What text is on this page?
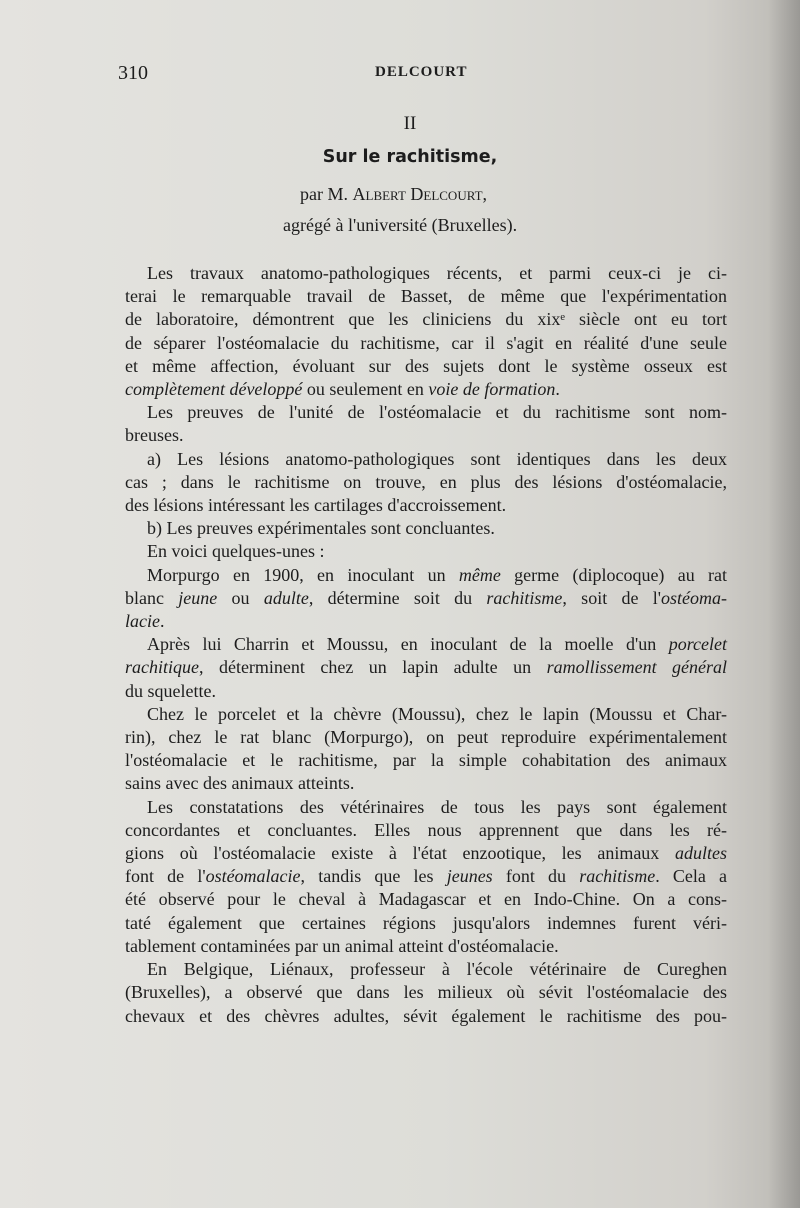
310	DELCOURT
II
Sur le rachitisme,
par M. Albert Delcourt,
agrégé à l'université (Bruxelles).

Les travaux anatomo-pathologiques récents, et parmi ceux-ci je ci-
terai le remarquable travail de Basset, de même que l'expérimentation
de laboratoire, démontrent que les cliniciens du xixᵉ siècle ont eu tort
de séparer l'ostéomalacie du rachitisme, car il s'agit en réalité d'une seule
et même affection, évoluant sur des sujets dont le système osseux est
complètement développé ou seulement en voie de formation.

Les preuves de l'unité de l'ostéomalacie et du rachitisme sont nom-
breuses.

a) Les lésions anatomo-pathologiques sont identiques dans les deux
cas ; dans le rachitisme on trouve, en plus des lésions d'ostéomalacie,
des lésions intéressant les cartilages d'accroissement.

b) Les preuves expérimentales sont concluantes.

En voici quelques-unes :

Morpurgo en 1900, en inoculant un même germe (diplocoque) au rat
blanc jeune ou adulte, détermine soit du rachitisme, soit de l'ostéoma-
lacie.

Après lui Charrin et Moussu, en inoculant de la moelle d'un porcelet
rachitique, déterminent chez un lapin adulte un ramollissement général
du squelette.

Chez le porcelet et la chèvre (Moussu), chez le lapin (Moussu et Char-
rin), chez le rat blanc (Morpurgo), on peut reproduire expérimentalement
l'ostéomalacie et le rachitisme, par la simple cohabitation des animaux
sains avec des animaux atteints.

Les constatations des vétérinaires de tous les pays sont également
concordantes et concluantes. Elles nous apprennent que dans les ré-
gions où l'ostéomalacie existe à l'état enzootique, les animaux adultes
font de l'ostéomalacie, tandis que les jeunes font du rachitisme. Cela a
été observé pour le cheval à Madagascar et en Indo-Chine. On a cons-
taté également que certaines régions jusqu'alors indemnes furent véri-
tablement contaminées par un animal atteint d'ostéomalacie.

En Belgique, Liénaux, professeur à l'école vétérinaire de Cureghen
(Bruxelles), a observé que dans les milieux où sévit l'ostéomalacie des
chevaux et des chèvres adultes, sévit également le rachitisme des pou-
